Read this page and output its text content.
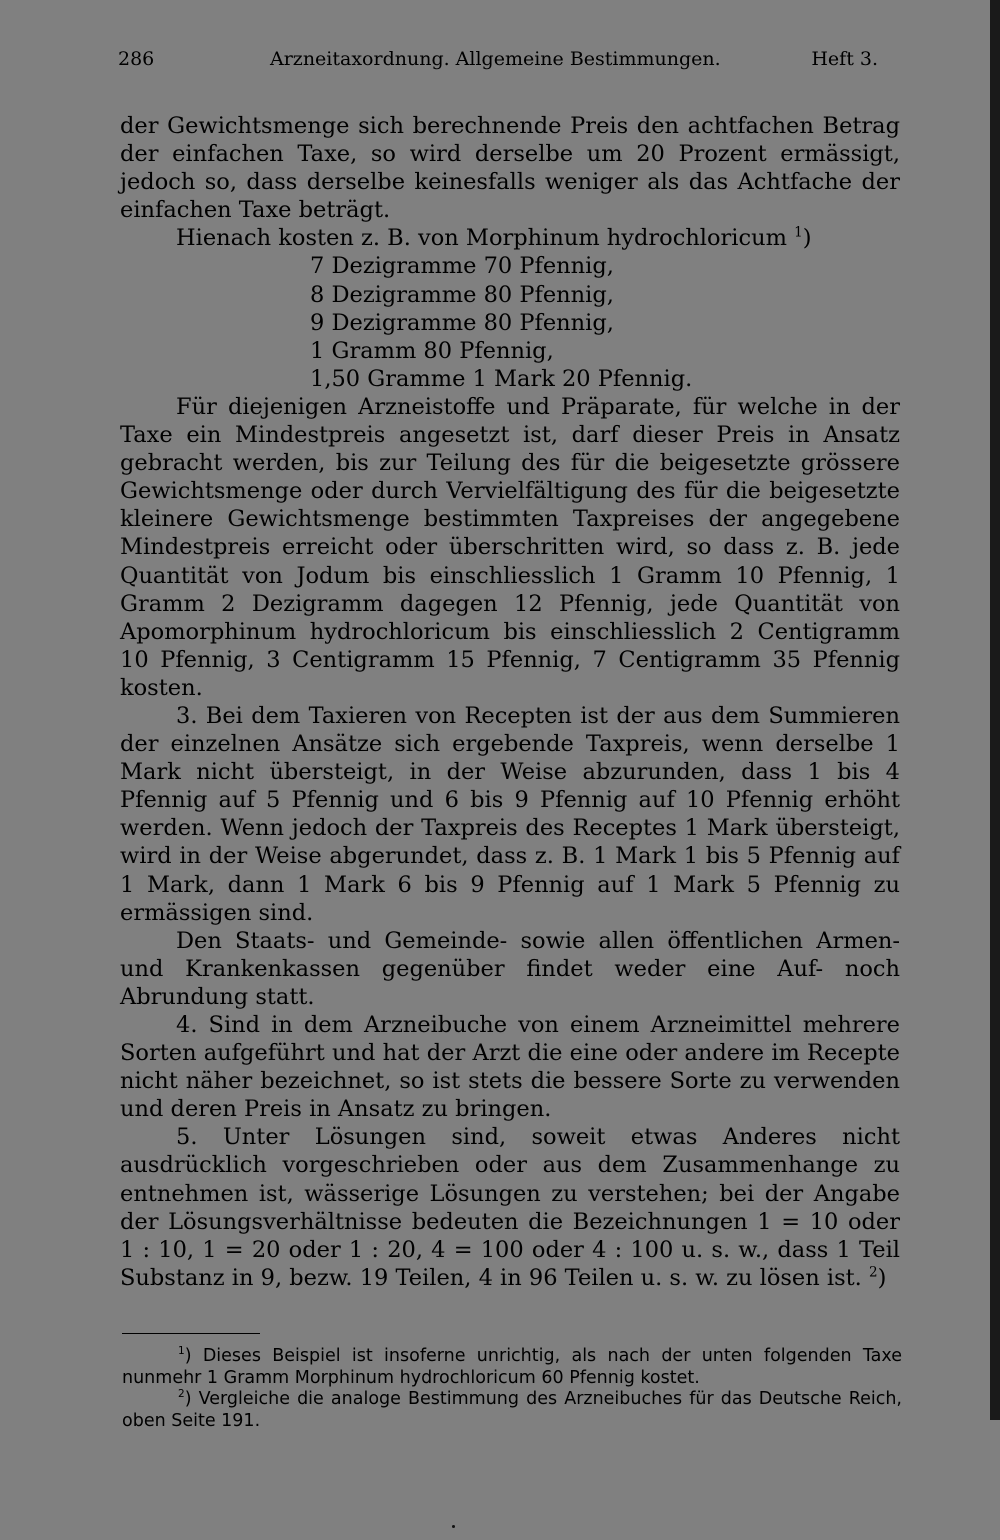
286	Arzneitaxordnung. Allgemeine Bestimmungen.	Heft 3.

der Gewichtsmenge sich berechnende Preis den achtfachen Betrag der einfachen Taxe, so wird derselbe um 20 Prozent ermässigt, jedoch so, dass derselbe keinesfalls weniger als das Achtfache der einfachen Taxe beträgt.

Hienach kosten z. B. von Morphinum hydrochloricum $^1$)

7 Dezigramme 70 Pfennig,
8 Dezigramme 80 Pfennig,
9 Dezigramme 80 Pfennig,
1 Gramm 80 Pfennig,
1,50 Gramme 1 Mark 20 Pfennig.

Für diejenigen Arzneistoffe und Präparate, für welche in der Taxe ein Mindestpreis angesetzt ist, darf dieser Preis in Ansatz gebracht werden, bis zur Teilung des für die beigesetzte grössere Gewichtsmenge oder durch Vervielfältigung des für die beigesetzte kleinere Gewichtsmenge bestimmten Taxpreises der angegebene Mindestpreis erreicht oder überschritten wird, so dass z. B. jede Quantität von Jodum bis einschliesslich 1 Gramm 10 Pfennig, 1 Gramm 2 Dezigramm dagegen 12 Pfennig, jede Quantität von Apomorphinum hydrochloricum bis einschliesslich 2 Centigramm 10 Pfennig, 3 Centigramm 15 Pfennig, 7 Centigramm 35 Pfennig kosten.

3. Bei dem Taxieren von Recepten ist der aus dem Summieren der einzelnen Ansätze sich ergebende Taxpreis, wenn derselbe 1 Mark nicht übersteigt, in der Weise abzurunden, dass 1 bis 4 Pfennig auf 5 Pfennig und 6 bis 9 Pfennig auf 10 Pfennig erhöht werden. Wenn jedoch der Taxpreis des Receptes 1 Mark übersteigt, wird in der Weise abgerundet, dass z. B. 1 Mark 1 bis 5 Pfennig auf 1 Mark, dann 1 Mark 6 bis 9 Pfennig auf 1 Mark 5 Pfennig zu ermässigen sind.

Den Staats- und Gemeinde- sowie allen öffentlichen Armen- und Krankenkassen gegenüber findet weder eine Auf- noch Abrundung statt.

4. Sind in dem Arzneibuche von einem Arzneimittel mehrere Sorten aufgeführt und hat der Arzt die eine oder andere im Recepte nicht näher bezeichnet, so ist stets die bessere Sorte zu verwenden und deren Preis in Ansatz zu bringen.

5. Unter Lösungen sind, soweit etwas Anderes nicht ausdrücklich vorgeschrieben oder aus dem Zusammenhange zu entnehmen ist, wässerige Lösungen zu verstehen; bei der Angabe der Lösungsverhältnisse bedeuten die Bezeichnungen 1 = 10 oder 1 : 10, 1 = 20 oder 1 : 20, 4 = 100 oder 4 : 100 u. s. w., dass 1 Teil Substanz in 9, bezw. 19 Teilen, 4 in 96 Teilen u. s. w. zu lösen ist. $^2$)

$^1$) Dieses Beispiel ist insoferne unrichtig, als nach der unten folgenden Taxe nunmehr 1 Gramm Morphinum hydrochloricum 60 Pfennig kostet.

$^2$) Vergleiche die analoge Bestimmung des Arzneibuches für das Deutsche Reich, oben Seite 191.
